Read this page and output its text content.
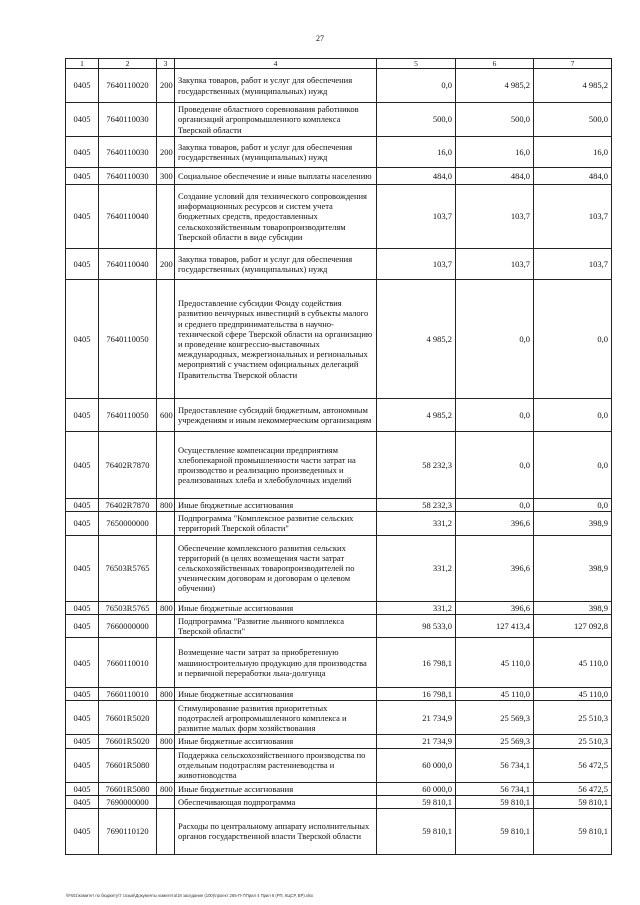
27
1	2	3	4	5	6	7
0405	7640110020	200	Закупка товаров, работ и услуг для обеспечения государственных (муниципальных) нужд	0,0	4 985,2	4 985,2
0405	7640110030		Проведение областного соревнования работников организаций агропромышленного комплекса Тверской области	500,0	500,0	500,0
0405	7640110030	200	Закупка товаров, работ и услуг для обеспечения государственных (муниципальных) нужд	16,0	16,0	16,0
0405	7640110030	300	Социальное обеспечение и иные выплаты населению	484,0	484,0	484,0
0405	7640110040		Создание условий для технического сопровождения информационных ресурсов и систем учета бюджетных средств, предоставленных сельскохозяйственным товаропроизводителям Тверской области в виде субсидии	103,7	103,7	103,7
0405	7640110040	200	Закупка товаров, работ и услуг для обеспечения государственных (муниципальных) нужд	103,7	103,7	103,7
0405	7640110050		Предоставление субсидии Фонду содействия развитию венчурных инвестиций в субъекты малого и среднего предпринимательства в научно-технической сфере Тверской области на организацию и проведение конгрессно-выставочных международных, межрегиональных и региональных мероприятий с участием официальных делегаций Правительства Тверской области	4 985,2	0,0	0,0
0405	7640110050	600	Предоставление субсидий бюджетным, автономным учреждениям и иным некоммерческим организациям	4 985,2	0,0	0,0
0405	76402R7870		Осуществление компенсации предприятиям хлебопекарной промышленности части затрат на производство и реализацию произведенных и реализованных хлеба и хлебобулочных изделий	58 232,3	0,0	0,0
0405	76402R7870	800	Иные бюджетные ассигнования	58 232,3	0,0	0,0
0405	7650000000		Подпрограмма "Комплексное развитие сельских территорий Тверской области"	331,2	396,6	398,9
0405	76503R5765		Обеспечение комплексного развития сельских территорий (в целях возмещения части затрат сельскохозяйственных товаропроизводителей по ученическим договорам и договорам о целевом обучении)	331,2	396,6	398,9
0405	76503R5765	800	Иные бюджетные ассигнования	331,2	396,6	398,9
0405	7660000000		Подпрограмма "Развитие льняного комплекса Тверской области"	98 533,0	127 413,4	127 092,8
0405	7660110010		Возмещение части затрат за приобретенную машиностроительную продукцию для производства и первичной переработки льна-долгунца	16 798,1	45 110,0	45 110,0
0405	7660110010	800	Иные бюджетные ассигнования	16 798,1	45 110,0	45 110,0
0405	76601R5020		Стимулирование развития приоритетных подотраслей агропромышленного комплекса и развитие малых форм хозяйствования	21 734,9	25 569,3	25 510,3
0405	76601R5020	800	Иные бюджетные ассигнования	21 734,9	25 569,3	25 510,3
0405	76601R5080		Поддержка сельскохозяйственного производства по отдельным подотраслям растениеводства и животноводства	60 000,0	56 734,1	56 472,5
0405	76601R5080	800	Иные бюджетные ассигнования	60 000,0	56 734,1	56 472,5
0405	7690000000		Обеспечивающая подпрограмма	59 810,1	59 810,1	59 810,1
0405	7690110120		Расходы по центральному аппарату исполнительных органов государственной власти Тверской области	59 810,1	59 810,1	59 810,1
\\Fs01\комитет по бюджету\7 созыв\Документы комитета\19 заседание (100)\проект 265-П-7\Прил 4 Прил 6 (РП, КЦСР, ВР).xlsx
